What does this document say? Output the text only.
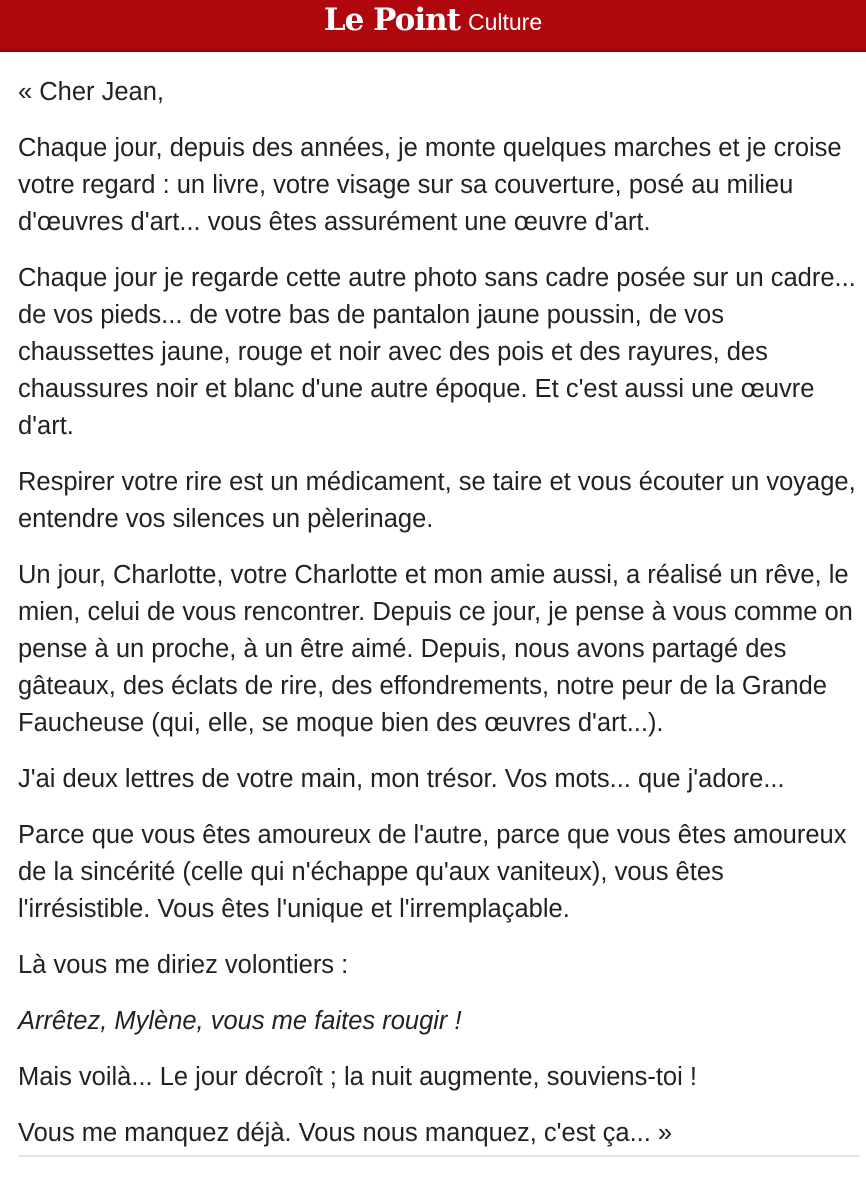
Le Point Culture

« Cher Jean,

Chaque jour, depuis des années, je monte quelques marches et je croise votre regard : un livre, votre visage sur sa couverture, posé au milieu d'œuvres d'art... vous êtes assurément une œuvre d'art.

Chaque jour je regarde cette autre photo sans cadre posée sur un cadre... de vos pieds... de votre bas de pantalon jaune poussin, de vos chaussettes jaune, rouge et noir avec des pois et des rayures, des chaussures noir et blanc d'une autre époque. Et c'est aussi une œuvre d'art.

Respirer votre rire est un médicament, se taire et vous écouter un voyage, entendre vos silences un pèlerinage.

Un jour, Charlotte, votre Charlotte et mon amie aussi, a réalisé un rêve, le mien, celui de vous rencontrer. Depuis ce jour, je pense à vous comme on pense à un proche, à un être aimé. Depuis, nous avons partagé des gâteaux, des éclats de rire, des effondrements, notre peur de la Grande Faucheuse (qui, elle, se moque bien des œuvres d'art...).

J'ai deux lettres de votre main, mon trésor. Vos mots... que j'adore...

Parce que vous êtes amoureux de l'autre, parce que vous êtes amoureux de la sincérité (celle qui n'échappe qu'aux vaniteux), vous êtes l'irrésistible. Vous êtes l'unique et l'irremplaçable.

Là vous me diriez volontiers :

Arrêtez, Mylène, vous me faites rougir !

Mais voilà... Le jour décroît ; la nuit augmente, souviens-toi !

Vous me manquez déjà. Vous nous manquez, c'est ça... »
